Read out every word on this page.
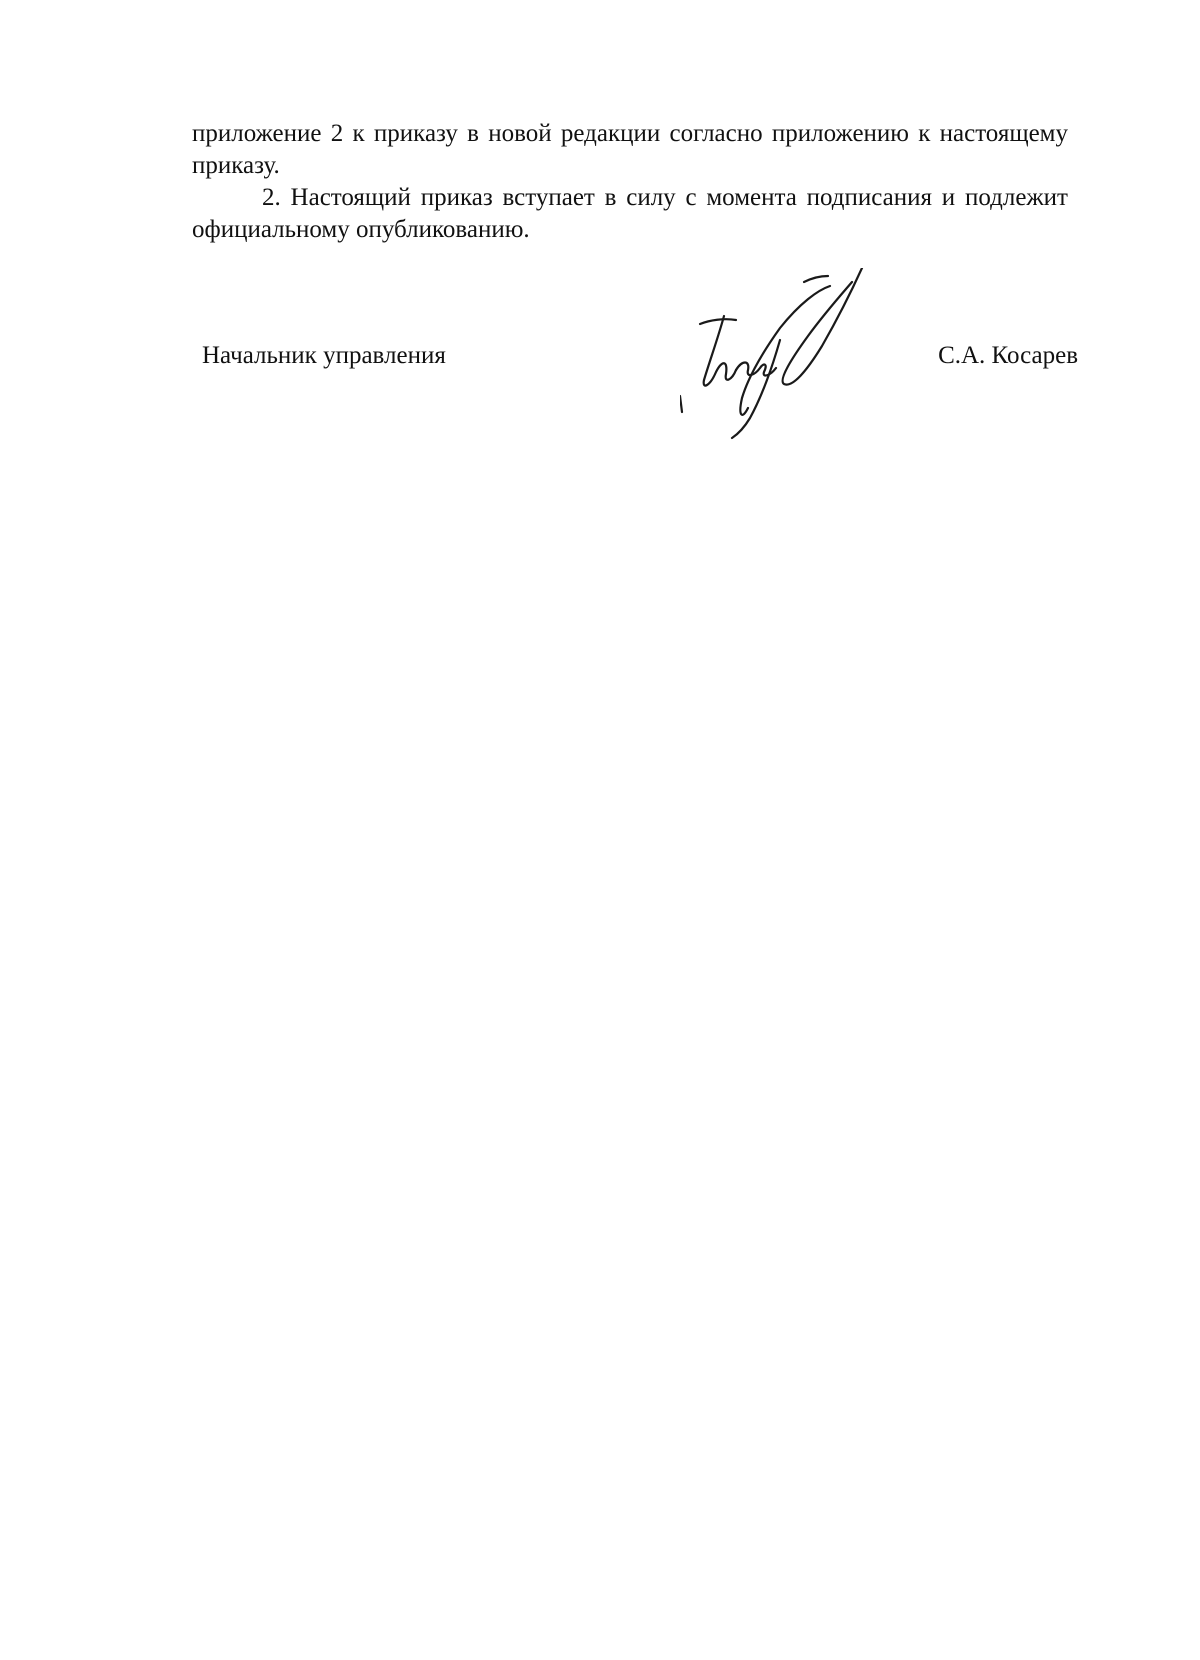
приложение 2 к приказу в новой редакции согласно приложению к настоящему приказу.

2. Настоящий приказ вступает в силу с момента подписания и подлежит официальному опубликованию.

Начальник управления	С.А. Косарев
